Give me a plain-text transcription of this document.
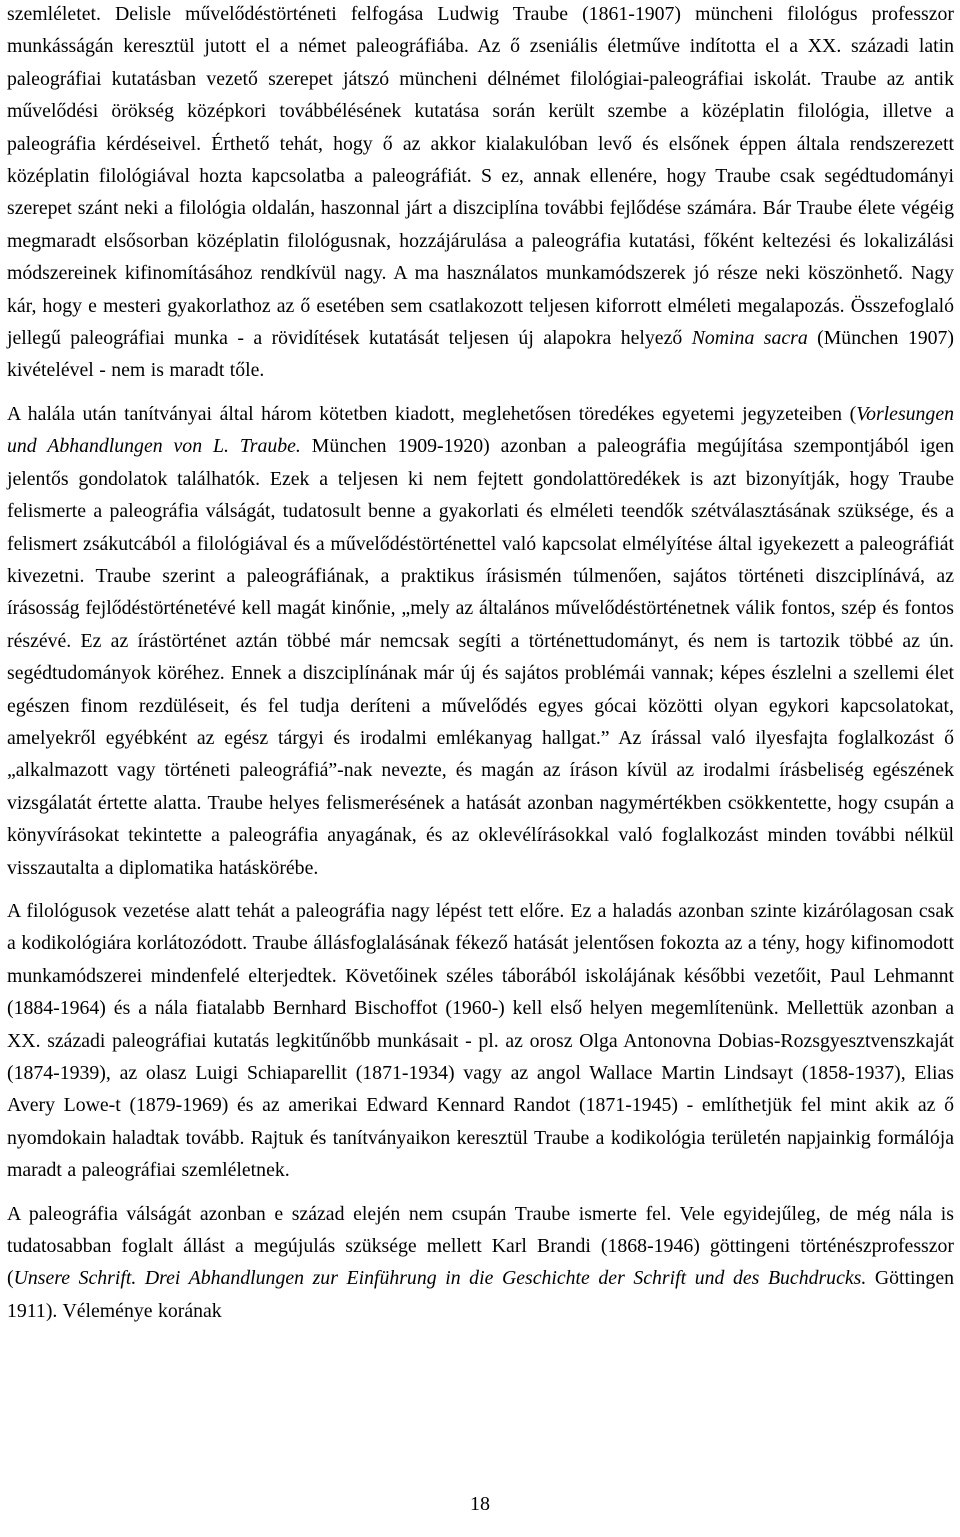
szemléletet. Delisle művelődéstörténeti felfogása Ludwig Traube (1861-1907) müncheni filológus professzor munkásságán keresztül jutott el a német paleográfiába. Az ő zseniális életműve indította el a XX. századi latin paleográfiai kutatásban vezető szerepet játszó müncheni délnémet filológiai-paleográfiai iskolát. Traube az antik művelődési örökség középkori továbbélésének kutatása során került szembe a középlatin filológia, illetve a paleográfia kérdéseivel. Érthető tehát, hogy ő az akkor kialakulóban levő és elsőnek éppen általa rendszerezett középlatin filológiával hozta kapcsolatba a paleográfiát. S ez, annak ellenére, hogy Traube csak segédtudományi szerepet szánt neki a filológia oldalán, haszonnal járt a diszciplína további fejlődése számára. Bár Traube élete végéig megmaradt elsősorban középlatin filológusnak, hozzájárulása a paleográfia kutatási, főként keltezési és lokalizálási módszereinek kifinomításához rendkívül nagy. A ma használatos munkamódszerek jó része neki köszönhető. Nagy kár, hogy e mesteri gyakorlathoz az ő esetében sem csatlakozott teljesen kiforrott elméleti megalapozás. Összefoglaló jellegű paleográfiai munka - a rövidítések kutatását teljesen új alapokra helyező Nomina sacra (München 1907) kivételével - nem is maradt tőle.

A halála után tanítványai által három kötetben kiadott, meglehetősen töredékes egyetemi jegyzeteiben (Vorlesungen und Abhandlungen von L. Traube. München 1909-1920) azonban a paleográfia megújítása szempontjából igen jelentős gondolatok találhatók. Ezek a teljesen ki nem fejtett gondolattöredékek is azt bizonyítják, hogy Traube felismerte a paleográfia válságát, tudatosult benne a gyakorlati és elméleti teendők szétválasztásának szüksége, és a felismert zsákutcából a filológiával és a művelődéstörténettel való kapcsolat elmélyítése által igyekezett a paleográfiát kivezetni. Traube szerint a paleográfiának, a praktikus írásismén túlmenően, sajátos történeti diszciplínává, az írásosság fejlődéstörténetévé kell magát kinőnie, „mely az általános művelődéstörténetnek válik fontos, szép és fontos részévé. Ez az írástörténet aztán többé már nemcsak segíti a történettudományt, és nem is tartozik többé az ún. segédtudományok köréhez. Ennek a diszciplínának már új és sajátos problémái vannak; képes észlelni a szellemi élet egészen finom rezdüléseit, és fel tudja deríteni a művelődés egyes gócai közötti olyan egykori kapcsolatokat, amelyekről egyébként az egész tárgyi és irodalmi emlékanyag hallgat.” Az írással való ilyesfajta foglalkozást ő „alkalmazott vagy történeti paleográfiá”-nak nevezte, és magán az íráson kívül az irodalmi írásbeliség egészének vizsgálatát értette alatta. Traube helyes felismerésének a hatását azonban nagymértékben csökkentette, hogy csupán a könyvírásokat tekintette a paleográfia anyagának, és az oklevélírásokkal való foglalkozást minden további nélkül visszautalta a diplomatika hatáskörébe.

A filológusok vezetése alatt tehát a paleográfia nagy lépést tett előre. Ez a haladás azonban szinte kizárólagosan csak a kodikológiára korlátozódott. Traube állásfoglalásának fékező hatását jelentősen fokozta az a tény, hogy kifinomodott munkamódszerei mindenfelé elterjedtek. Követőinek széles táborából iskolájának későbbi vezetőit, Paul Lehmannt (1884-1964) és a nála fiatalabb Bernhard Bischoffot (1960-) kell első helyen megemlítenünk. Mellettük azonban a XX. századi paleográfiai kutatás legkitűnőbb munkásait - pl. az orosz Olga Antonovna Dobias-Rozsgyesztvenszkaját (1874-1939), az olasz Luigi Schiaparellit (1871-1934) vagy az angol Wallace Martin Lindsayt (1858-1937), Elias Avery Lowe-t (1879-1969) és az amerikai Edward Kennard Randot (1871-1945) - említhetjük fel mint akik az ő nyomdokain haladtak tovább. Rajtuk és tanítványaikon keresztül Traube a kodikológia területén napjainkig formálója maradt a paleográfiai szemléletnek.

A paleográfia válságát azonban e század elején nem csupán Traube ismerte fel. Vele egyidejűleg, de még nála is tudatosabban foglalt állást a megújulás szüksége mellett Karl Brandi (1868-1946) göttingeni történészprofesszor (Unsere Schrift. Drei Abhandlungen zur Einführung in die Geschichte der Schrift und des Buchdrucks. Göttingen 1911). Véleménye korának

18
